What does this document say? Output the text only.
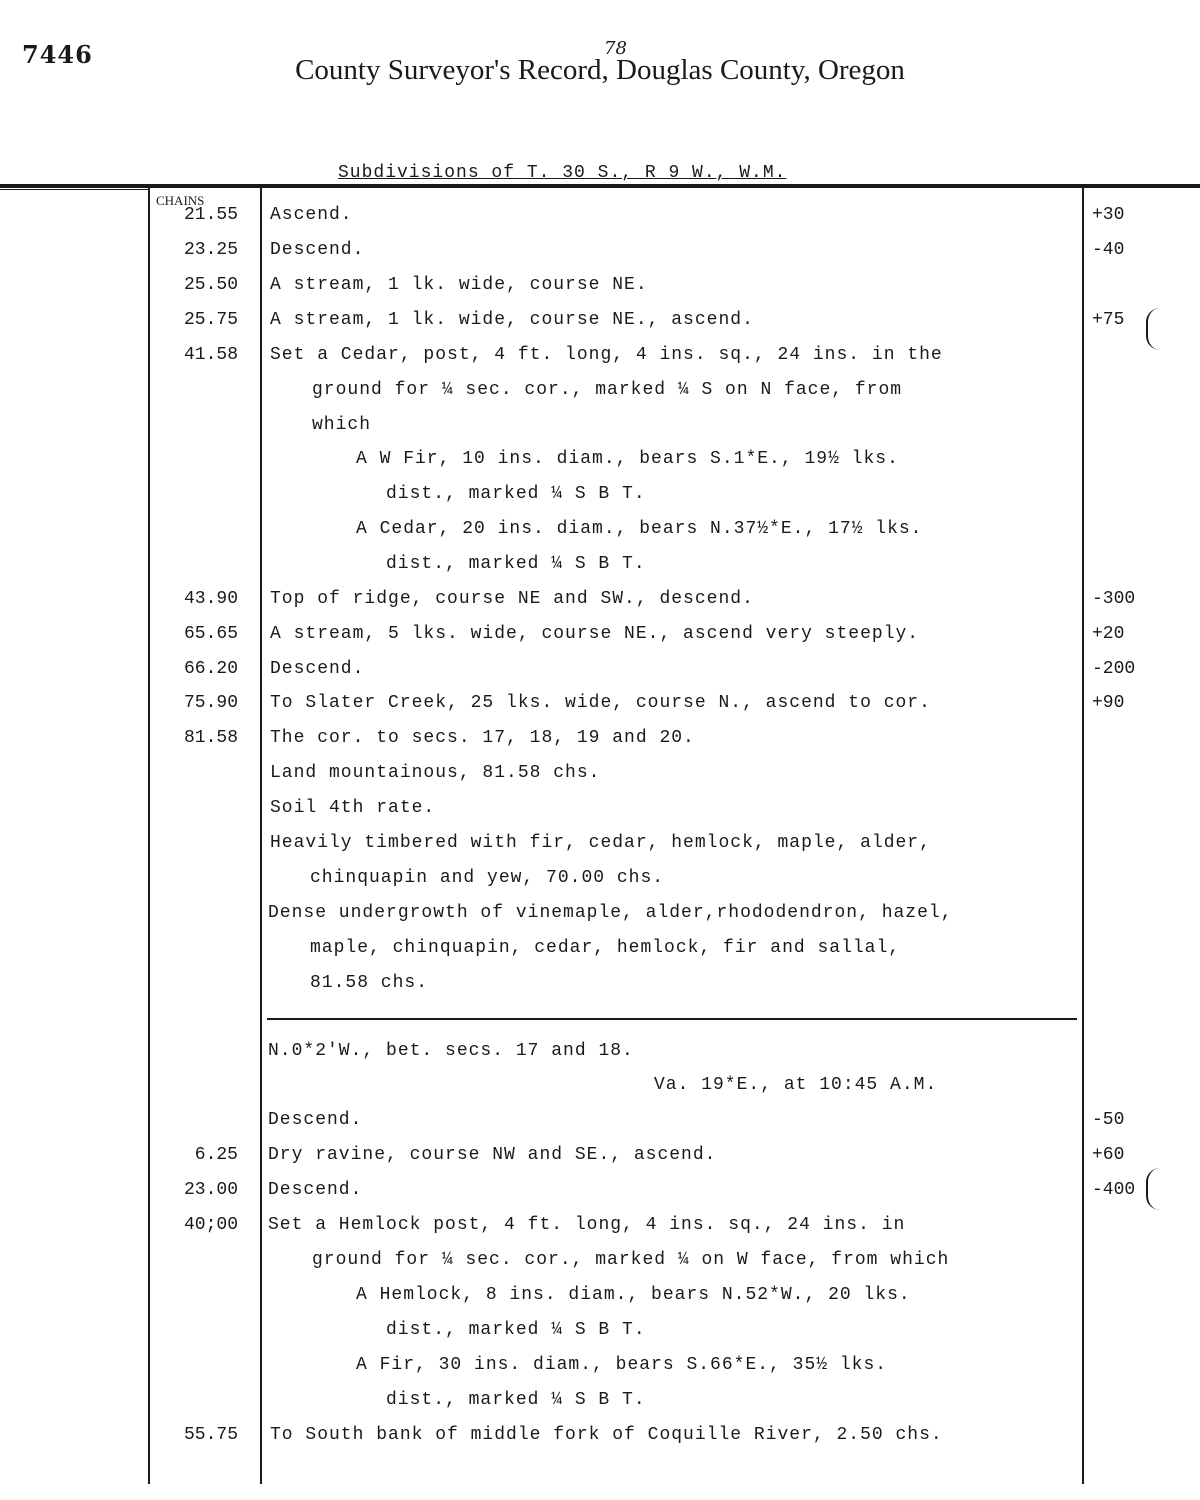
7446	78
County Surveyor's Record, Douglas County, Oregon
Subdivisions of T. 30 S., R 9 W., W.M.
CHAINS
21.55 Ascend.	+30
23.25 Descend.	-40
25.50 A stream, 1 lk. wide, course NE.
25.75 A stream, 1 lk. wide, course NE., ascend.	+75
41.58 Set a Cedar, post, 4 ft. long, 4 ins. sq., 24 ins. in the
ground for ¼ sec. cor., marked ¼ S on N face, from
which
A W Fir, 10 ins. diam., bears S.1*E., 19½ lks.
dist., marked ¼ S B T.
A Cedar, 20 ins. diam., bears N.37½*E., 17½ lks.
dist., marked ¼ S B T.
43.90 Top of ridge, course NE and SW., descend.	-300
65.65 A stream, 5 lks. wide, course NE., ascend very steeply.	+20
66.20 Descend.	-200
75.90 To Slater Creek, 25 lks. wide, course N., ascend to cor.	+90
81.58 The cor. to secs. 17, 18, 19 and 20.
Land mountainous, 81.58 chs.
Soil 4th rate.
Heavily timbered with fir, cedar, hemlock, maple, alder,
chinquapin and yew, 70.00 chs.
Dense undergrowth of vinemaple, alder,rhododendron, hazel,
maple, chinquapin, cedar, hemlock, fir and sallal,
81.58 chs.
N.0*2'W., bet. secs. 17 and 18.
Va. 19*E., at 10:45 A.M.
Descend.	-50
6.25 Dry ravine, course NW and SE., ascend.	+60
23.00 Descend.	-400
40;00 Set a Hemlock post, 4 ft. long, 4 ins. sq., 24 ins. in
ground for ¼ sec. cor., marked ¼ on W face, from which
A Hemlock, 8 ins. diam., bears N.52*W., 20 lks.
dist., marked ¼ S B T.
A Fir, 30 ins. diam., bears S.66*E., 35½ lks.
dist., marked ¼ S B T.
55.75 To South bank of middle fork of Coquille River, 2.50 chs.
